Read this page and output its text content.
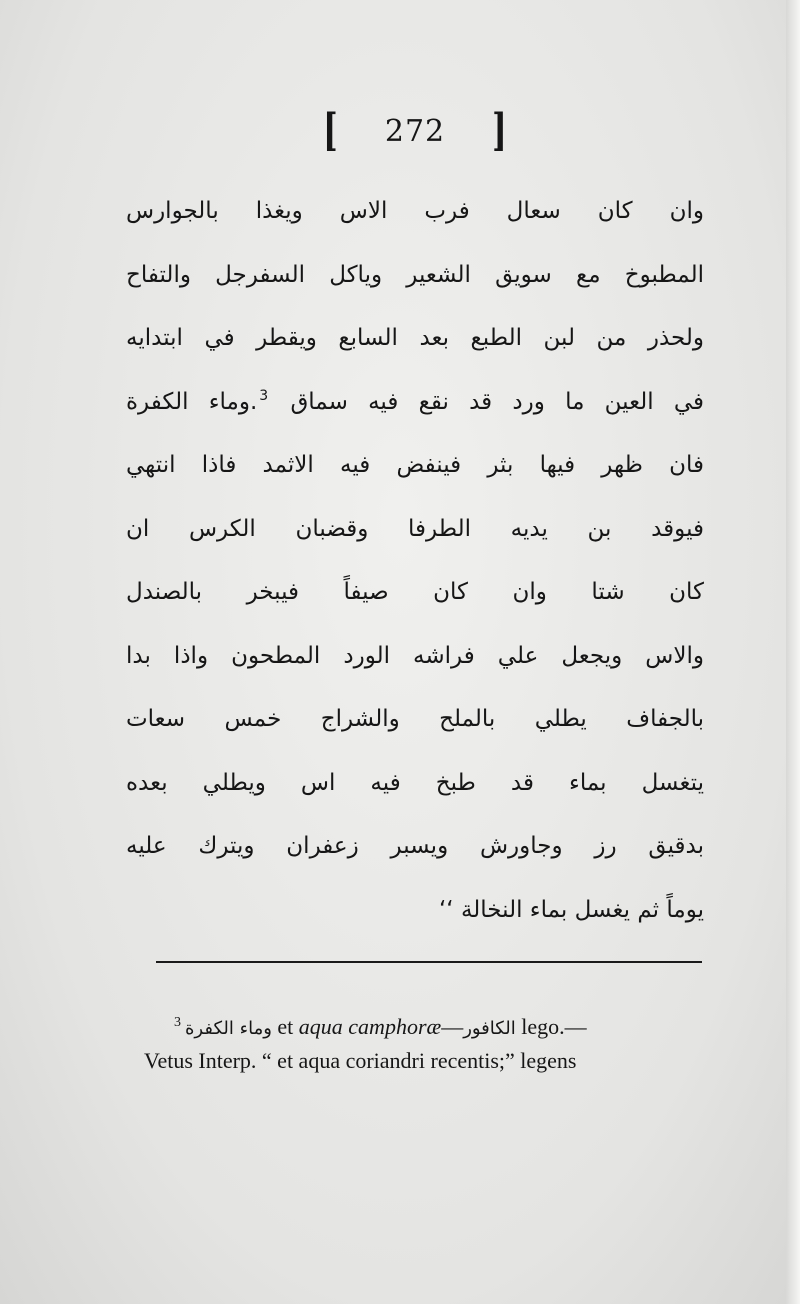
[ 272 ]
وان كان سعال فرب الاس ويغذا بالجوارس
المطبوخ مع سويق الشعير وياكل السفرجل والتفاح
ولحذر من لبن الطبع بعد السابع ويقطر في ابتدايه
في العين ما ورد قد نقع فيه سماق $^3$.وماء الكفرة
فان ظهر فيها بثر فينفض فيه الاثمد فاذا انتهي
فيوقد بن يديه الطرفا وقضبان الكرس ان
كان شتا وان كان صيفاً فيبخر بالصندل
والاس ويجعل علي فراشه الورد المطحون واذا بدا
بالجفاف يطلي بالملح والشراج خمس سعات
يتغسل بماء قد طبخ فيه اس ويطلي بعده
بدقيق رز وجاورش ويسبر زعفران ويترك عليه
يوماً ثم يغسل بماء النخالة ‘‘
$^3$ وماء الكفرة et aqua camphoræ—الكافور lego.—
Vetus Interp. “ et aqua coriandri recentis;” legens
